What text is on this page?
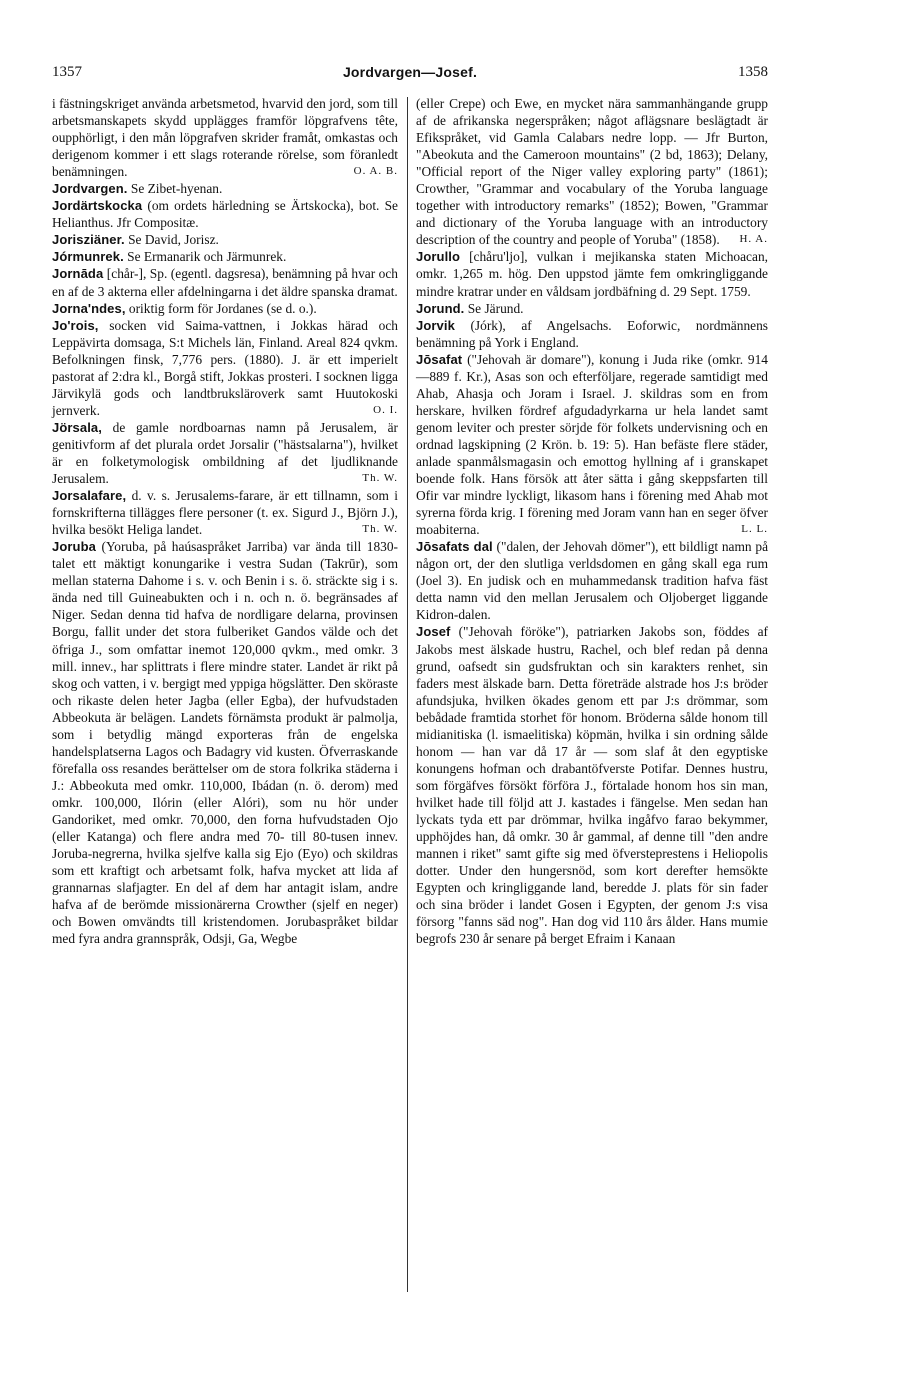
1357	Jordvargen—Josef.	1358

i fästningskriget använda arbetsmetod, hvarvid den jord, som till arbetsmanskapets skydd upplägges framför löpgrafvens tête, oupphörligt, i den mån löpgrafven skrider framåt, omkastas och derigenom kommer i ett slags roterande rörelse, som föranledt benämningen.	O. A. B.

Jordvargen. Se Zibet-hyenan.

Jordärtskocka (om ordets härledning se Ärtskocka), bot. Se Helianthus. Jfr Compositæ.

Jorisziäner. Se David, Jorisz.

Jórmunrek. Se Ermanarik och Järmunrek.

Jornāda [chår-], Sp. (egentl. dagsresa), benämning på hvar och en af de 3 akterna eller afdelningarna i det äldre spanska dramat.

Jorna'ndes, oriktig form för Jordanes (se d. o.).

Jo'rois, socken vid Saima-vattnen, i Jokkas härad och Leppävirta domsaga, S:t Michels län, Finland. Areal 824 qvkm. Befolkningen finsk, 7,776 pers. (1880). J. är ett imperielt pastorat af 2:dra kl., Borgå stift, Jokkas prosteri. I socknen ligga Järvikylä gods och landtbruksläroverk samt Huutokoski jernverk.	O. I.

Jörsala, de gamle nordboarnas namn på Jerusalem, är genitivform af det plurala ordet Jorsalir ("hästsalarna"), hvilket är en folketymologisk ombildning af det ljudliknande Jerusalem.	Th. W.

Jorsalafare, d. v. s. Jerusalems-farare, är ett tillnamn, som i fornskrifterna tillägges flere personer (t. ex. Sigurd J., Björn J.), hvilka besökt Heliga landet.	Th. W.

Joruba (Yoruba, på haúsaspråket Jarriba) var ända till 1830-talet ett mäktigt konungarike i vestra Sudan (Takrūr), som mellan staterna Dahome i s. v. och Benin i s. ö. sträckte sig i s. ända ned till Guineabukten och i n. och n. ö. begränsades af Niger. Sedan denna tid hafva de nordligare delarna, provinsen Borgu, fallit under det stora fulberiket Gandos välde och det öfriga J., som omfattar inemot 120,000 qvkm., med omkr. 3 mill. innev., har splittrats i flere mindre stater. Landet är rikt på skog och vatten, i v. bergigt med yppiga högslätter. Den sköraste och rikaste delen heter Jagba (eller Egba), der hufvudstaden Abbeokuta är belägen. Landets förnämsta produkt är palmolja, som i betydlig mängd exporteras från de engelska handelsplatserna Lagos och Badagry vid kusten. Öfverraskande förefalla oss resandes berättelser om de stora folkrika städerna i J.: Abbeokuta med omkr. 110,000, Ibádan (n. ö. derom) med omkr. 100,000, Ilórin (eller Alóri), som nu hör under Gandoriket, med omkr. 70,000, den forna hufvudstaden Ojo (eller Katanga) och flere andra med 70- till 80-tusen innev. Joruba-negrerna, hvilka sjelfve kalla sig Ejo (Eyo) och skildras som ett kraftigt och arbetsamt folk, hafva mycket att lida af grannarnas slafjagter. En del af dem har antagit islam, andre hafva af de berömde missionärerna Crowther (sjelf en neger) och Bowen omvändts till kristendomen. Jorubaspråket bildar med fyra andra grannspråk, Odsji, Ga, Wegbe

(eller Crepe) och Ewe, en mycket nära sammanhängande grupp af de afrikanska negerspråken; något aflägsnare beslägtadt är Efikspråket, vid Gamla Calabars nedre lopp. — Jfr Burton, "Abeokuta and the Cameroon mountains" (2 bd, 1863); Delany, "Official report of the Niger valley exploring party" (1861); Crowther, "Grammar and vocabulary of the Yoruba language together with introductory remarks" (1852); Bowen, "Grammar and dictionary of the Yoruba language with an introductory description of the country and people of Yoruba" (1858).	H. A.

Jorullo [chåru'ljo], vulkan i mejikanska staten Michoacan, omkr. 1,265 m. hög. Den uppstod jämte fem omkringliggande mindre kratrar under en våldsam jordbäfning d. 29 Sept. 1759.

Jorund. Se Järund.

Jorvik (Jórk), af Angelsachs. Eoforwic, nordmännens benämning på York i England.

Jōsafat ("Jehovah är domare"), konung i Juda rike (omkr. 914—889 f. Kr.), Asas son och efterföljare, regerade samtidigt med Ahab, Ahasja och Joram i Israel. J. skildras som en from herskare, hvilken fördref afgudadyrkarna ur hela landet samt genom leviter och prester sörjde för folkets undervisning och en ordnad lagskipning (2 Krön. b. 19: 5). Han befäste flere städer, anlade spanmålsmagasin och emottog hyllning af i granskapet boende folk. Hans försök att åter sätta i gång skeppsfarten till Ofir var mindre lyckligt, likasom hans i förening med Ahab mot syrerna förda krig. I förening med Joram vann han en seger öfver moabiterna.	L. L.

Jōsafats dal ("dalen, der Jehovah dömer"), ett bildligt namn på någon ort, der den slutliga verldsdomen en gång skall ega rum (Joel 3). En judisk och en muhammedansk tradition hafva fäst detta namn vid den mellan Jerusalem och Oljoberget liggande Kidron-dalen.

Josef ("Jehovah föröke"), patriarken Jakobs son, föddes af Jakobs mest älskade hustru, Rachel, och blef redan på denna grund, oafsedt sin gudsfruktan och sin karakters renhet, sin faders mest älskade barn. Detta företräde alstrade hos J:s bröder afundsjuka, hvilken ökades genom ett par J:s drömmar, som bebådade framtida storhet för honom. Bröderna sålde honom till midianitiska (l. ismaelitiska) köpmän, hvilka i sin ordning sålde honom — han var då 17 år — som slaf åt den egyptiske konungens hofman och drabantöfverste Potifar. Dennes hustru, som förgäfves försökt förföra J., förtalade honom hos sin man, hvilket hade till följd att J. kastades i fängelse. Men sedan han lyckats tyda ett par drömmar, hvilka ingåfvo farao bekymmer, upphöjdes han, då omkr. 30 år gammal, af denne till "den andre mannen i riket" samt gifte sig med öfversteprestens i Heliopolis dotter. Under den hungersnöd, som kort derefter hemsökte Egypten och kringliggande land, beredde J. plats för sin fader och sina bröder i landet Gosen i Egypten, der genom J:s visa försorg "fanns säd nog". Han dog vid 110 års ålder. Hans mumie begrofs 230 år senare på berget Efraim i Kanaan
